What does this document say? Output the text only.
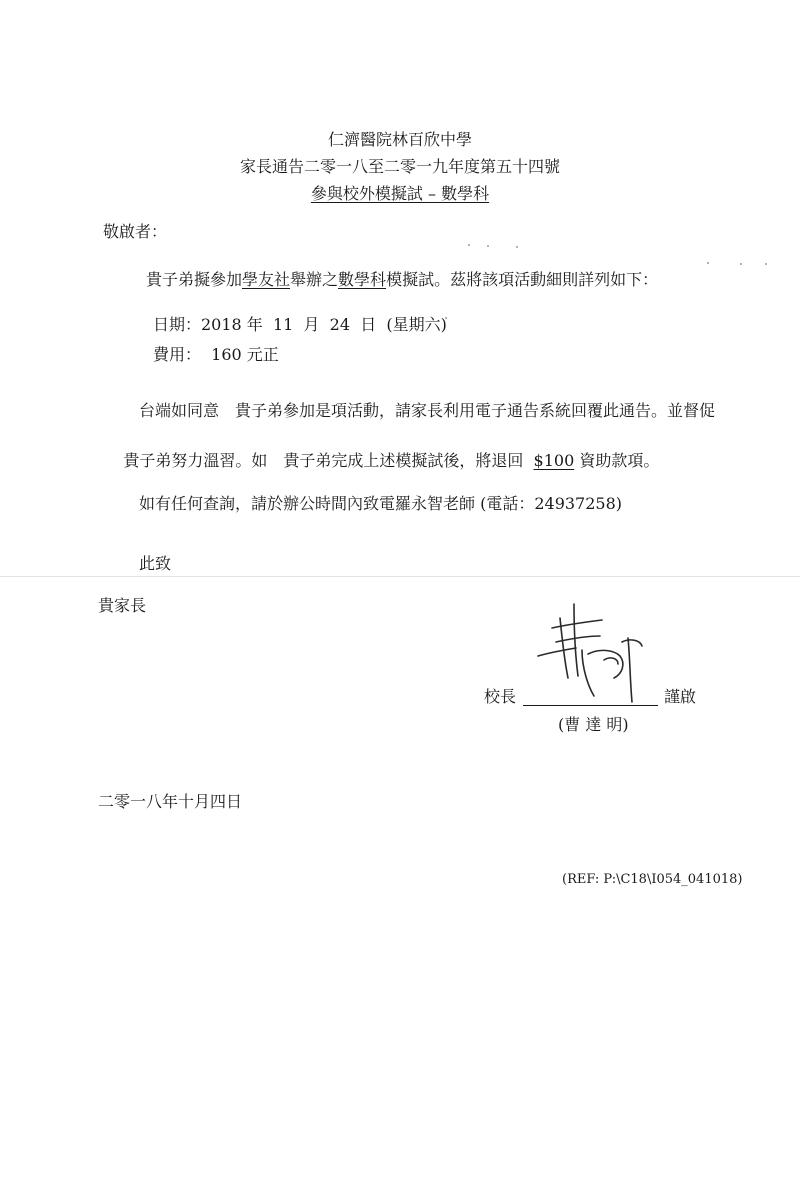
仁濟醫院林百欣中學
家長通告二零一八至二零一九年度第五十四號
參與校外模擬試 – 數學科
敬啟者：
貴子弟擬參加學友社舉辦之數學科模擬試。茲將該項活動細則詳列如下：
日期：2018 年  11  月  24  日  (星期六)
費用：  160 元正
台端如同意　貴子弟參加是項活動，請家長利用電子通告系統回覆此通告。並督促

貴子弟努力溫習。如　貴子弟完成上述模擬試後，將退回  $100 資助款項。

如有任何查詢，請於辦公時間內致電羅永智老師 (電話：24937258)
此致
貴家長
校長	謹啟
(曹 達 明)
二零一八年十月四日
(REF: P:\C18\I054_041018)
